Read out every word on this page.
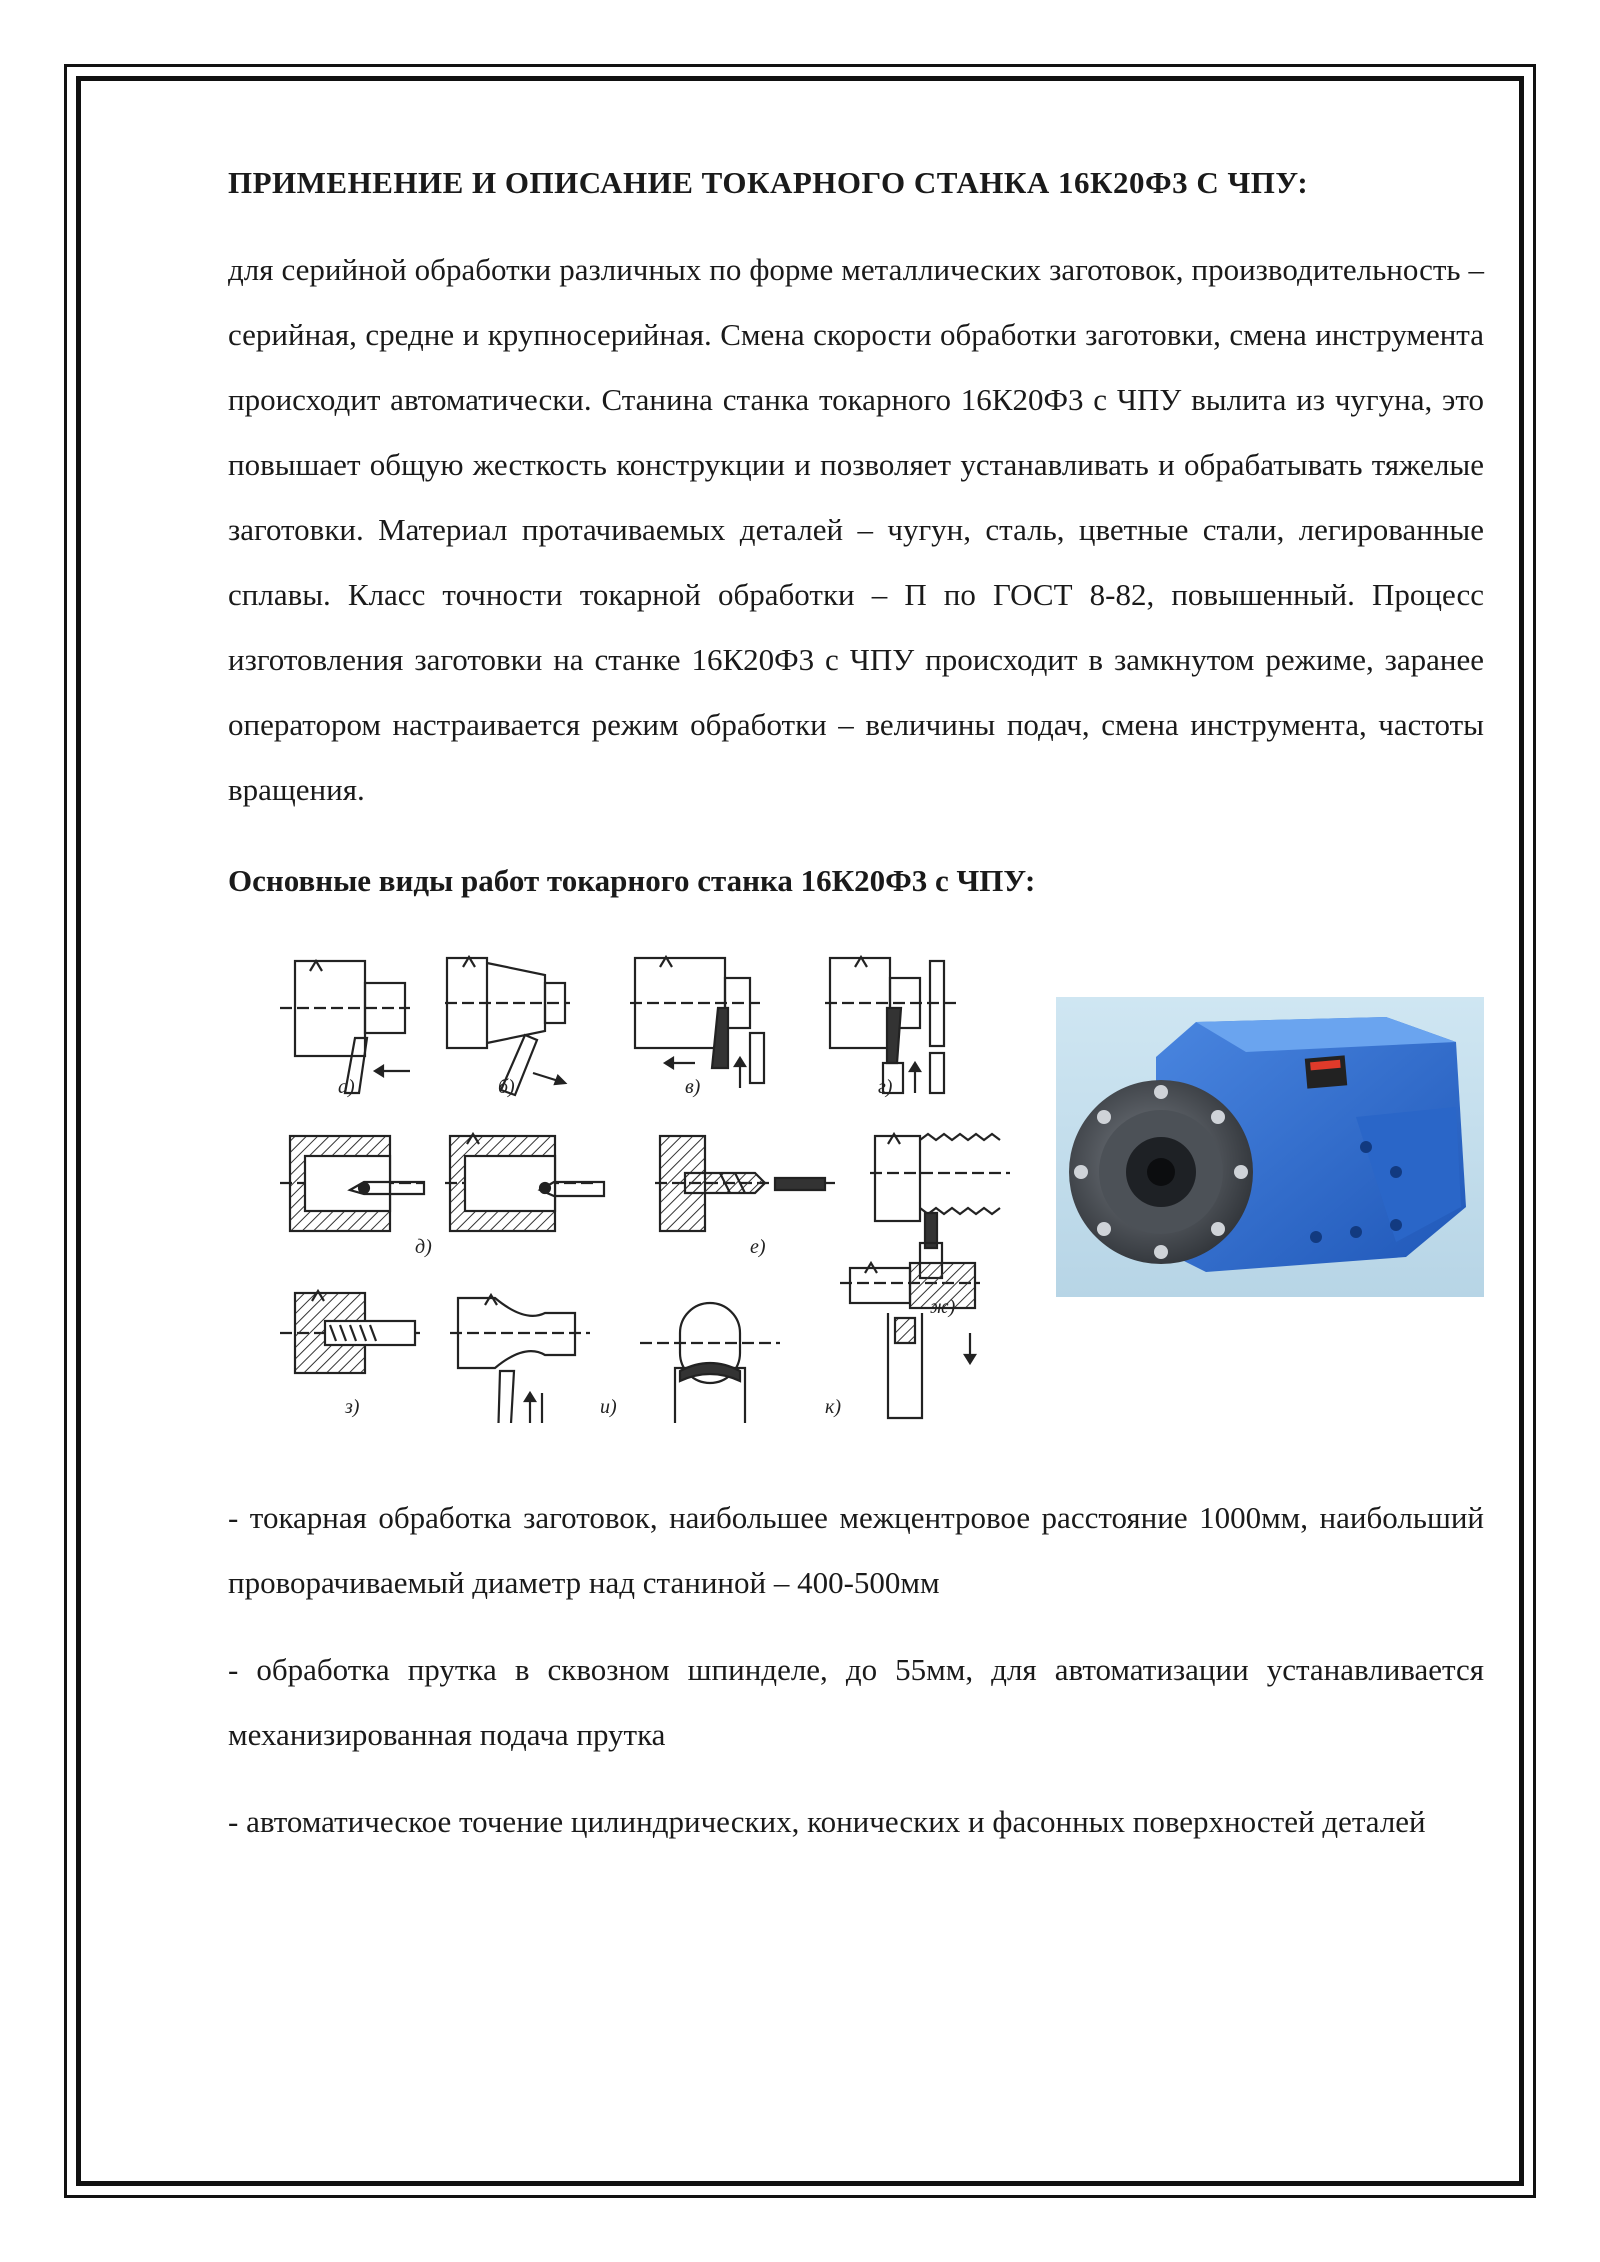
ПРИМЕНЕНИЕ И ОПИСАНИЕ ТОКАРНОГО СТАНКА 16К20Ф3 С ЧПУ:

для серийной обработки различных по форме металлических заготовок, производительность – серийная, средне и крупносерийная. Смена скорости обработки заготовки, смена инструмента происходит автоматически. Станина станка токарного 16К20Ф3 с ЧПУ вылита из чугуна, это повышает общую жесткость конструкции и позволяет устанавливать и обрабатывать тяжелые заготовки. Материал протачиваемых деталей – чугун, сталь, цветные стали, легированные сплавы. Класс точности токарной обработки – П по ГОСТ 8-82, повышенный. Процесс изготовления заготовки на станке 16К20Ф3 с ЧПУ происходит в замкнутом режиме, заранее оператором настраивается режим обработки – величины подач, смена инструмента, частоты вращения.

Основные виды работ токарного станка 16К20Ф3 с ЧПУ:
а)	б)	в)	г)
д)	е)
ж)
з)	и)	к)

- токарная обработка заготовок, наибольшее межцентровое расстояние 1000мм, наибольший проворачиваемый диаметр над станиной – 400-500мм

- обработка прутка в сквозном шпинделе, до 55мм, для автоматизации устанавливается механизированная подача прутка

- автоматическое точение цилиндрических, конических и фасонных поверхностей деталей
